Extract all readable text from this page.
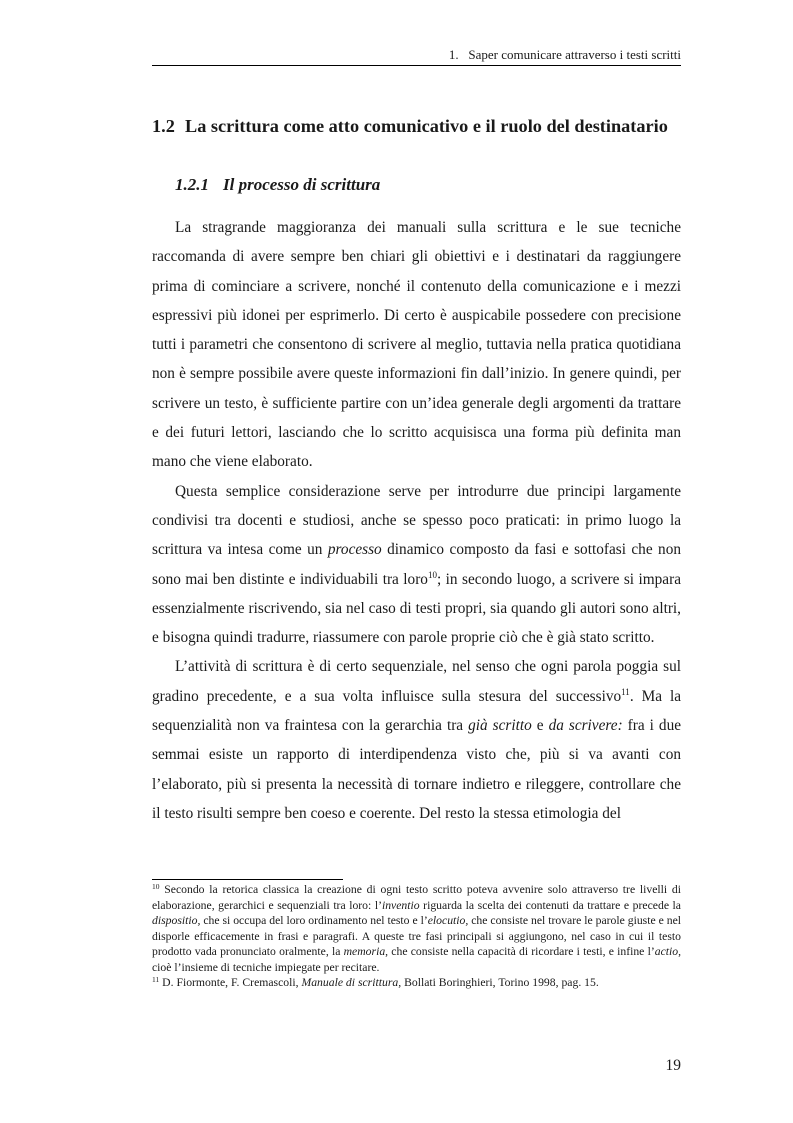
1.   Saper comunicare attraverso i testi scritti
1.2 La scrittura come atto comunicativo e il ruolo del destinatario
1.2.1 Il processo di scrittura

La stragrande maggioranza dei manuali sulla scrittura e le sue tecniche raccomanda di avere sempre ben chiari gli obiettivi e i destinatari da raggiungere prima di cominciare a scrivere, nonché il contenuto della comunicazione e i mezzi espressivi più idonei per esprimerlo. Di certo è auspicabile possedere con precisione tutti i parametri che consentono di scrivere al meglio, tuttavia nella pratica quotidiana non è sempre possibile avere queste informazioni fin dall’inizio. In genere quindi, per scrivere un testo, è sufficiente partire con un’idea generale degli argomenti da trattare e dei futuri lettori, lasciando che lo scritto acquisisca una forma più definita man mano che viene elaborato.

Questa semplice considerazione serve per introdurre due principi largamente condivisi tra docenti e studiosi, anche se spesso poco praticati: in primo luogo la scrittura va intesa come un processo dinamico composto da fasi e sottofasi che non sono mai ben distinte e individuabili tra loro$^{10}$; in secondo luogo, a scrivere si impara essenzialmente riscrivendo, sia nel caso di testi propri, sia quando gli autori sono altri, e bisogna quindi tradurre, riassumere con parole proprie ciò che è già stato scritto.

L’attività di scrittura è di certo sequenziale, nel senso che ogni parola poggia sul gradino precedente, e a sua volta influisce sulla stesura del successivo$^{11}$. Ma la sequenzialità non va fraintesa con la gerarchia tra già scritto e da scrivere: fra i due semmai esiste un rapporto di interdipendenza visto che, più si va avanti con l’elaborato, più si presenta la necessità di tornare indietro e rileggere, controllare che il testo risulti sempre ben coeso e coerente. Del resto la stessa etimologia del

$^{10}$ Secondo la retorica classica la creazione di ogni testo scritto poteva avvenire solo attraverso tre livelli di elaborazione, gerarchici e sequenziali tra loro: l’inventio riguarda la scelta dei contenuti da trattare e precede la dispositio, che si occupa del loro ordinamento nel testo e l’elocutio, che consiste nel trovare le parole giuste e nel disporle efficacemente in frasi e paragrafi. A queste tre fasi principali si aggiungono, nel caso in cui il testo prodotto vada pronunciato oralmente, la memoria, che consiste nella capacità di ricordare i testi, e infine l’actio, cioè l’insieme di tecniche impiegate per recitare.

$^{11}$ D. Fiormonte, F. Cremascoli, Manuale di scrittura, Bollati Boringhieri, Torino 1998, pag. 15.

19
